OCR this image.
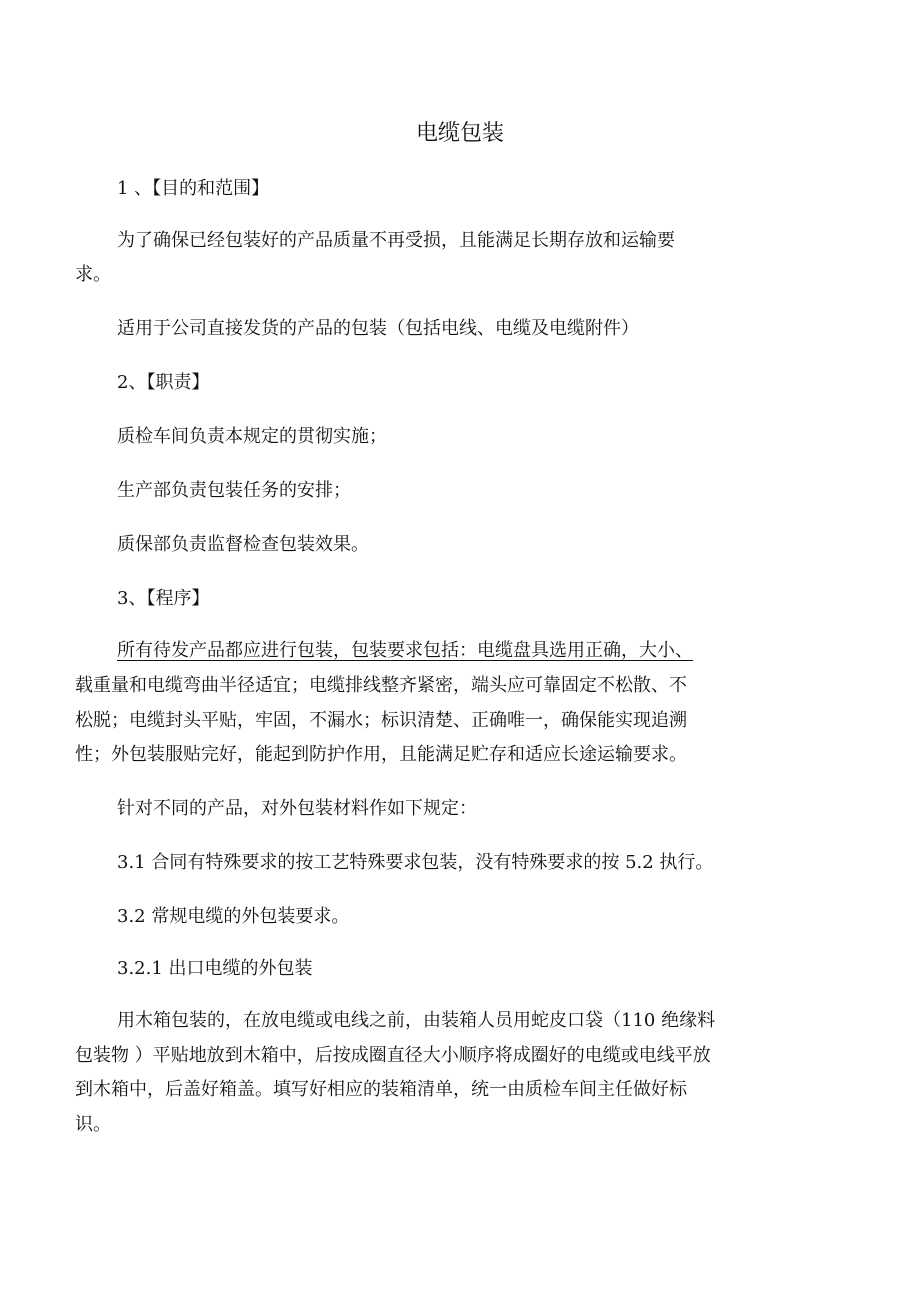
电缆包装
1 、【目的和范围】
为了确保已经包装好的产品质量不再受损，且能满足长期存放和运输要
求。
适用于公司直接发货的产品的包装（包括电线、电缆及电缆附件）
2、【职责】
质检车间负责本规定的贯彻实施；
生产部负责包装任务的安排；
质保部负责监督检查包装效果。
3、【程序】
所有待发产品都应进行包装，包装要求包括：电缆盘具选用正确，大小、
载重量和电缆弯曲半径适宜；电缆排线整齐紧密，端头应可靠固定不松散、不
松脱；电缆封头平贴，牢固，不漏水；标识清楚、正确唯一，确保能实现追溯
性；外包装服贴完好，能起到防护作用，且能满足贮存和适应长途运输要求。
针对不同的产品，对外包装材料作如下规定：
3.1 合同有特殊要求的按工艺特殊要求包装，没有特殊要求的按 5.2 执行。
3.2 常规电缆的外包装要求。
3.2.1 出口电缆的外包装
用木箱包装的，在放电缆或电线之前，由装箱人员用蛇皮口袋（110 绝缘料
包装物 ）平贴地放到木箱中，后按成圈直径大小顺序将成圈好的电缆或电线平放
到木箱中，后盖好箱盖。填写好相应的装箱清单，统一由质检车间主任做好标
识。
